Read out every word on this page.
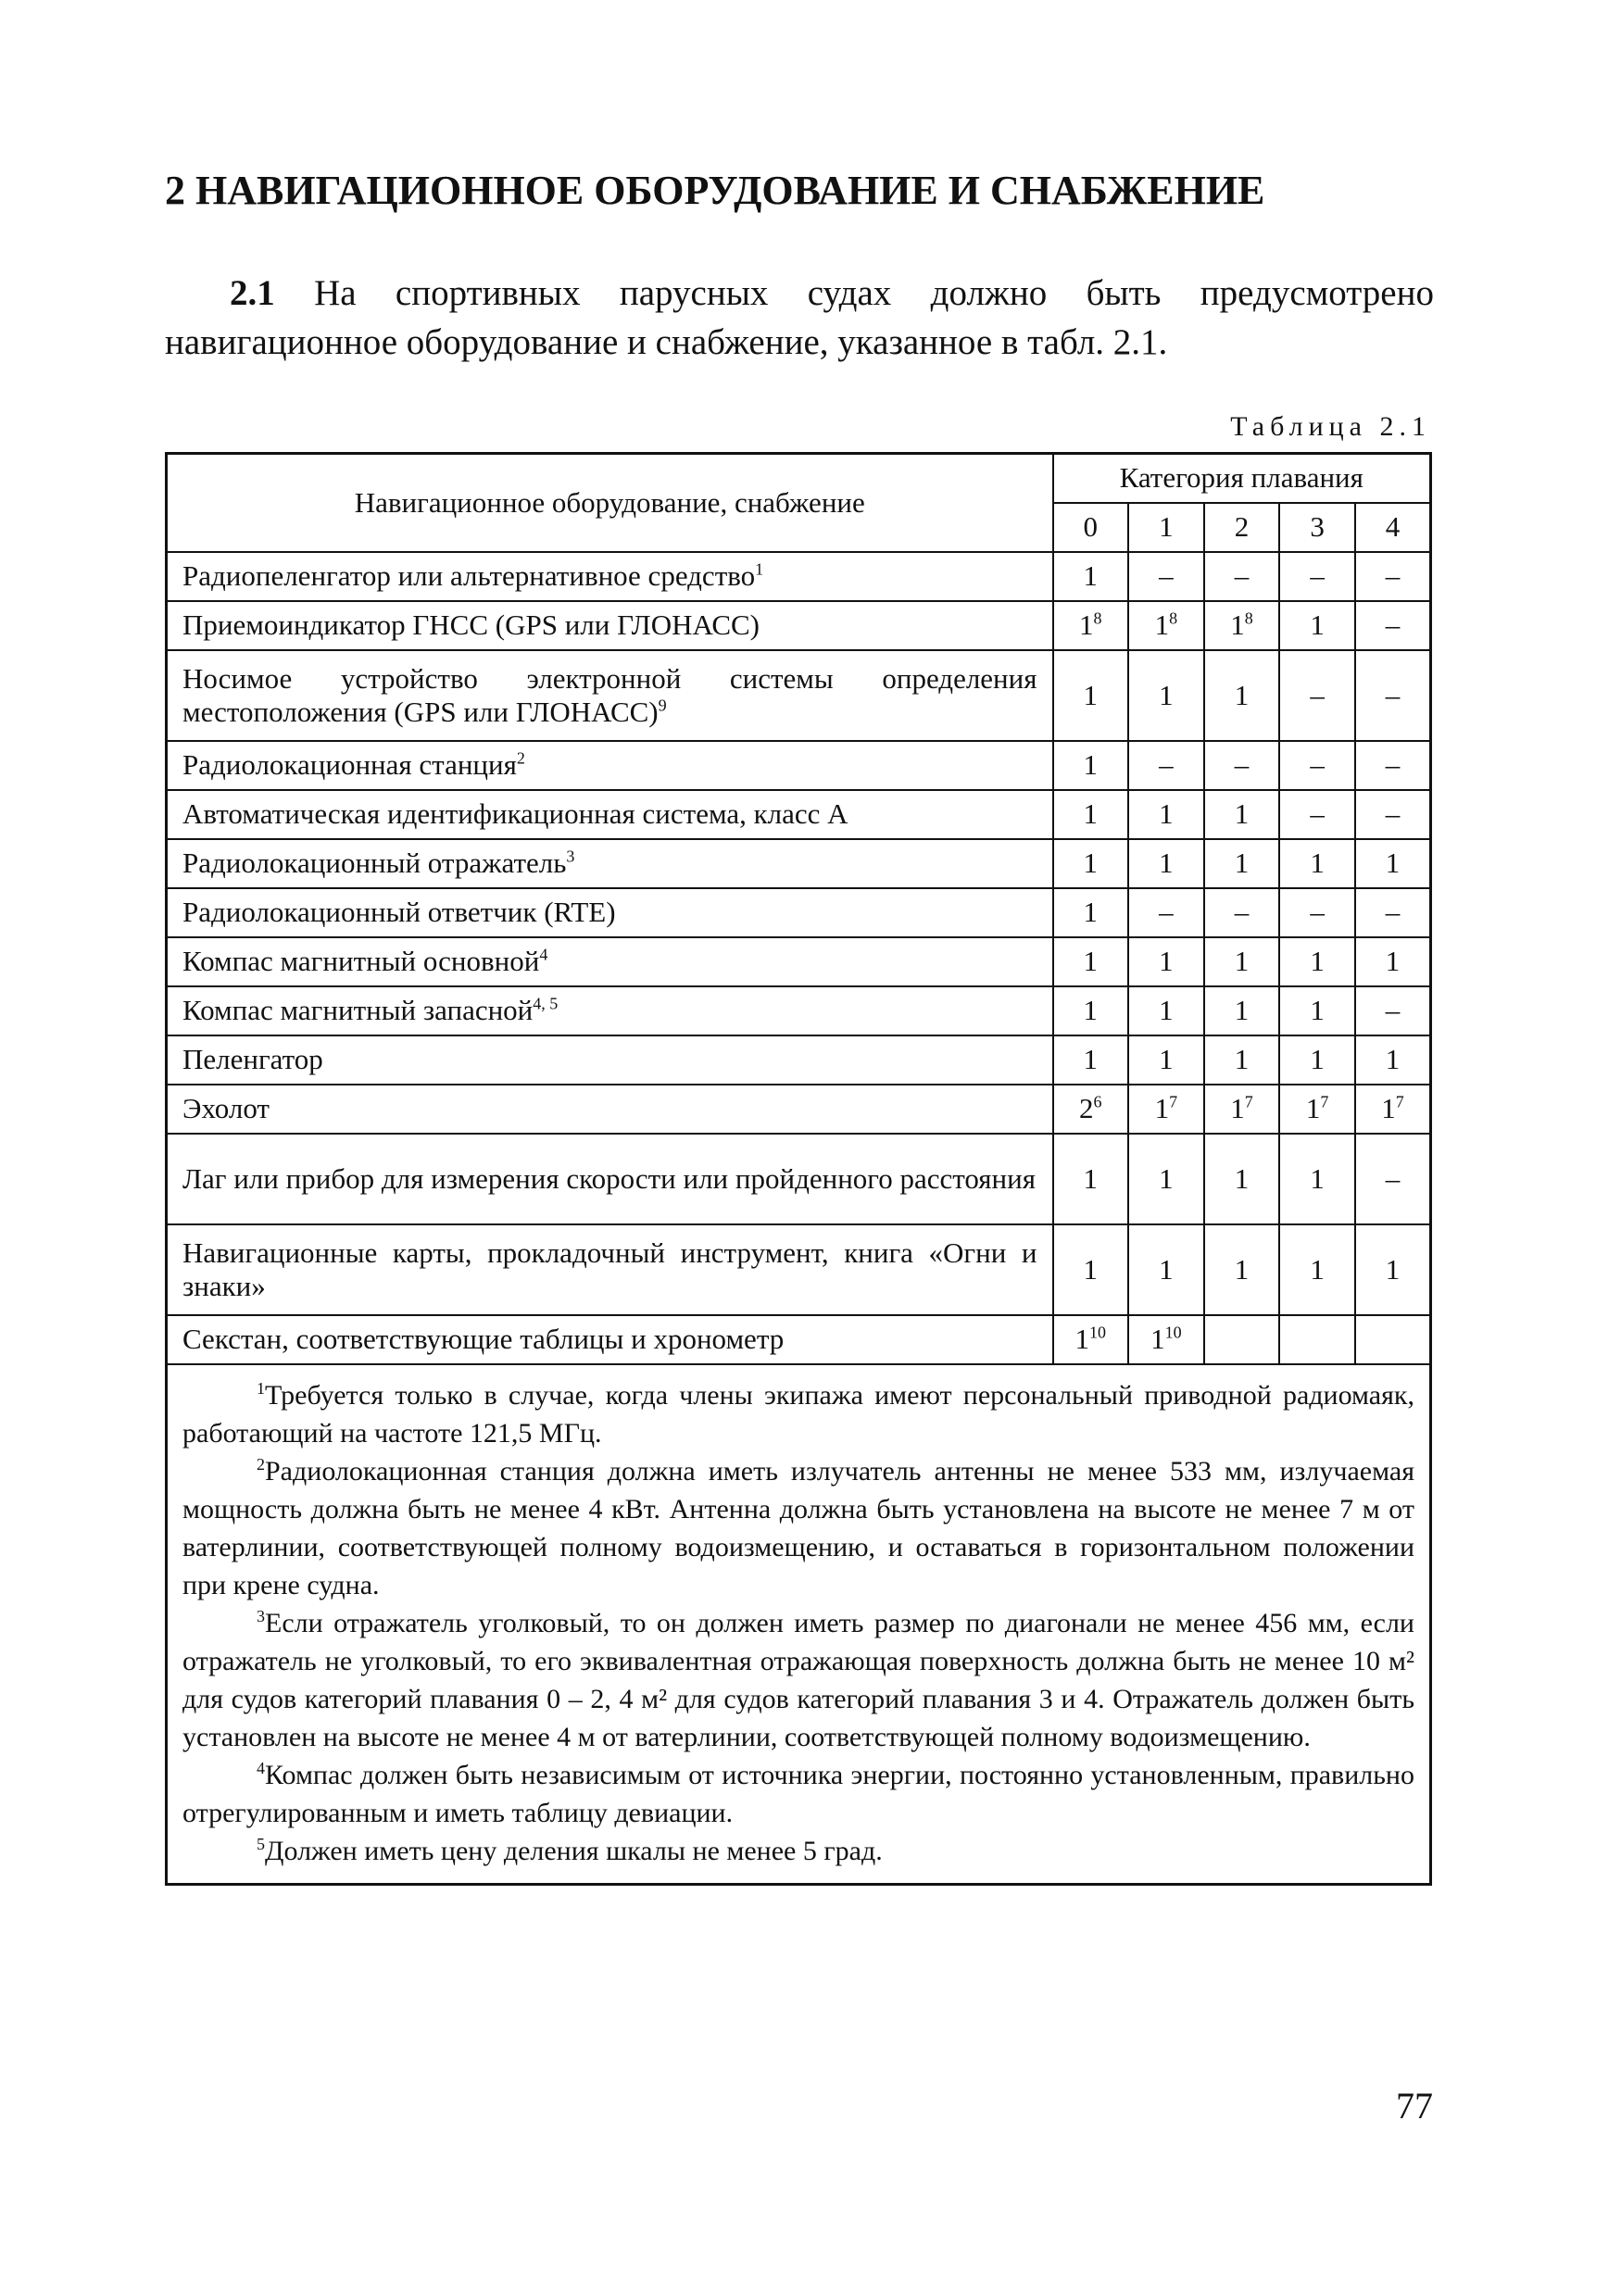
2 НАВИГАЦИОННОЕ ОБОРУДОВАНИЕ И СНАБЖЕНИЕ

2.1 На спортивных парусных судах должно быть предусмотрено навигационное оборудование и снабжение, указанное в табл. 2.1.

Таблица 2.1
Навигационное оборудование, снабжение	Категория плавания				
	0	1	2	3	4
Радиопеленгатор или альтернативное средство$^1$	1	–	–	–	–
Приемоиндикатор ГНСС (GPS или ГЛОНАСС)	$1^8$	$1^8$	$1^8$	1	–
Носимое устройство электронной системы определения местоположения (GPS или ГЛОНАСС)$^9$	1	1	1	–	–
Радиолокационная станция$^2$	1	–	–	–	–
Автоматическая идентификационная система, класс А	1	1	1	–	–
Радиолокационный отражатель$^3$	1	1	1	1	1
Радиолокационный ответчик (RTE)	1	–	–	–	–
Компас магнитный основной$^4$	1	1	1	1	1
Компас магнитный запасной$^{4, 5}$	1	1	1	1	–
Пеленгатор	1	1	1	1	1
Эхолот	$2^6$	$1^7$	$1^7$	$1^7$	$1^7$
Лаг или прибор для измерения скорости или пройденного расстояния	1	1	1	1	–
Навигационные карты, прокладочный инструмент, книга «Огни и знаки»	1	1	1	1	1
Секстан, соответствующие таблицы и хронометр	$1^{10}$	$1^{10}$			

$^1$Требуется только в случае, когда члены экипажа имеют персональный приводной радиомаяк, работающий на частоте 121,5 МГц.

$^2$Радиолокационная станция должна иметь излучатель антенны не менее 533 мм, излучаемая мощность должна быть не менее 4 кВт. Антенна должна быть установлена на высоте не менее 7 м от ватерлинии, соответствующей полному водоизмещению, и оставаться в горизонтальном положении при крене судна.

$^3$Если отражатель уголковый, то он должен иметь размер по диагонали не менее 456 мм, если отражатель не уголковый, то его эквивалентная отражающая поверхность должна быть не менее 10 м² для судов категорий плавания 0 – 2, 4 м² для судов категорий плавания 3 и 4. Отражатель должен быть установлен на высоте не менее 4 м от ватерлинии, соответствующей полному водоизмещению.

$^4$Компас должен быть независимым от источника энергии, постоянно установленным, правильно отрегулированным и иметь таблицу девиации.

$^5$Должен иметь цену деления шкалы не менее 5 град.					

77
